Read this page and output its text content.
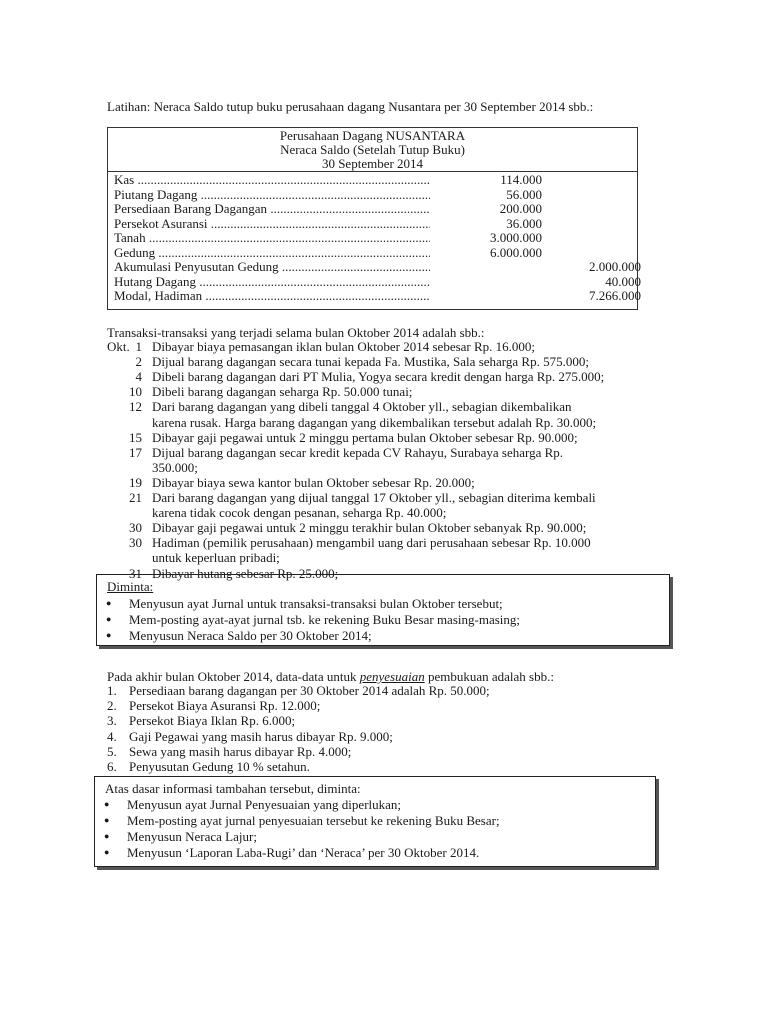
Latihan: Neraca Saldo tutup buku perusahaan dagang Nusantara per 30 September 2014 sbb.:
Perusahaan Dagang NUSANTARA
Neraca Saldo (Setelah Tutup Buku)
30 September 2014
Kas .....	114.000
Piutang Dagang .....	56.000
Persediaan Barang Dagangan .....	200.000
Persekot Asuransi .....	36.000
Tanah .....	3.000.000
Gedung .....	6.000.000
Akumulasi Penyusutan Gedung .....	2.000.000
Hutang Dagang .....	40.000
Modal, Hadiman .....	7.266.000
Transaksi-transaksi yang terjadi selama bulan Oktober 2014 adalah sbb.:
Okt. 1 Dibayar biaya pemasangan iklan bulan Oktober 2014 sebesar Rp. 16.000;
2 Dijual barang dagangan secara tunai kepada Fa. Mustika, Sala seharga Rp. 575.000;
4 Dibeli barang dagangan dari PT Mulia, Yogya secara kredit dengan harga Rp. 275.000;
10 Dibeli barang dagangan seharga Rp. 50.000 tunai;
12 Dari barang dagangan yang dibeli tanggal 4 Oktober yll., sebagian dikembalikan
karena rusak. Harga barang dagangan yang dikembalikan tersebut adalah Rp. 30.000;
15 Dibayar gaji pegawai untuk 2 minggu pertama bulan Oktober sebesar Rp. 90.000;
17 Dijual barang dagangan secar kredit kepada CV Rahayu, Surabaya seharga Rp.
350.000;
19 Dibayar biaya sewa kantor bulan Oktober sebesar Rp. 20.000;
21 Dari barang dagangan yang dijual tanggal 17 Oktober yll., sebagian diterima kembali
karena tidak cocok dengan pesanan, seharga Rp. 40.000;
30 Dibayar gaji pegawai untuk 2 minggu terakhir bulan Oktober sebanyak Rp. 90.000;
30 Hadiman (pemilik perusahaan) mengambil uang dari perusahaan sebesar Rp. 10.000
untuk keperluan pribadi;
31 Dibayar hutang sebesar Rp. 25.000;
Diminta:
● Menyusun ayat Jurnal untuk transaksi-transaksi bulan Oktober tersebut;
● Mem-posting ayat-ayat jurnal tsb. ke rekening Buku Besar masing-masing;
● Menyusun Neraca Saldo per 30 Oktober 2014;
Pada akhir bulan Oktober 2014, data-data untuk penyesuaian pembukuan adalah sbb.:
1. Persediaan barang dagangan per 30 Oktober 2014 adalah Rp. 50.000;
2. Persekot Biaya Asuransi Rp. 12.000;
3. Persekot Biaya Iklan Rp. 6.000;
4. Gaji Pegawai yang masih harus dibayar Rp. 9.000;
5. Sewa yang masih harus dibayar Rp. 4.000;
6. Penyusutan Gedung 10 % setahun.
Atas dasar informasi tambahan tersebut, diminta:
● Menyusun ayat Jurnal Penyesuaian yang diperlukan;
● Mem-posting ayat jurnal penyesuaian tersebut ke rekening Buku Besar;
● Menyusun Neraca Lajur;
● Menyusun ‘Laporan Laba-Rugi’ dan ‘Neraca’ per 30 Oktober 2014.
